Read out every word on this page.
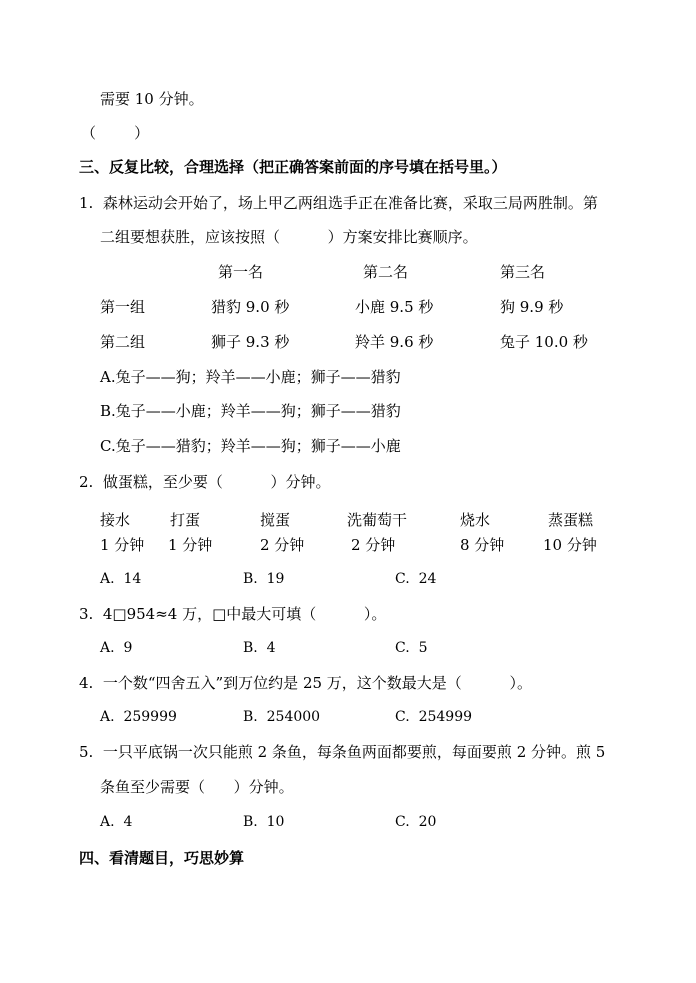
需要 10 分钟。
（        ）
三、反复比较，合理选择（把正确答案前面的序号填在括号里。）
1.  森林运动会开始了，场上甲乙两组选手正在准备比赛，采取三局两胜制。第
二组要想获胜，应该按照（          ）方案安排比赛顺序。
第一名	第二名	第三名
第一组	猎豹 9.0 秒	小鹿 9.5 秒	狗 9.9 秒
第二组	狮子 9.3 秒	羚羊 9.6 秒	兔子 10.0 秒
A.兔子——狗；羚羊——小鹿；狮子——猎豹
B.兔子——小鹿；羚羊——狗；狮子——猎豹
C.兔子——猎豹；羚羊——狗；狮子——小鹿
2.  做蛋糕，至少要（          ）分钟。
接水	打蛋	搅蛋	洗葡萄干	烧水	蒸蛋糕
1 分钟 1 分钟	2 分钟	2 分钟	8 分钟	10 分钟
A.  14	B.  19	C.  24
3.  4□954≈4 万，□中最大可填（          ）。
A.  9	B.  4	C.  5
4.  一个数“四舍五入”到万位约是 25 万，这个数最大是（          ）。
A.  259999	B.  254000	C.  254999
5.  一只平底锅一次只能煎 2 条鱼，每条鱼两面都要煎，每面要煎 2 分钟。煎 5
条鱼至少需要（      ）分钟。
A.  4	B.  10	C.  20
四、看清题目，巧思妙算
